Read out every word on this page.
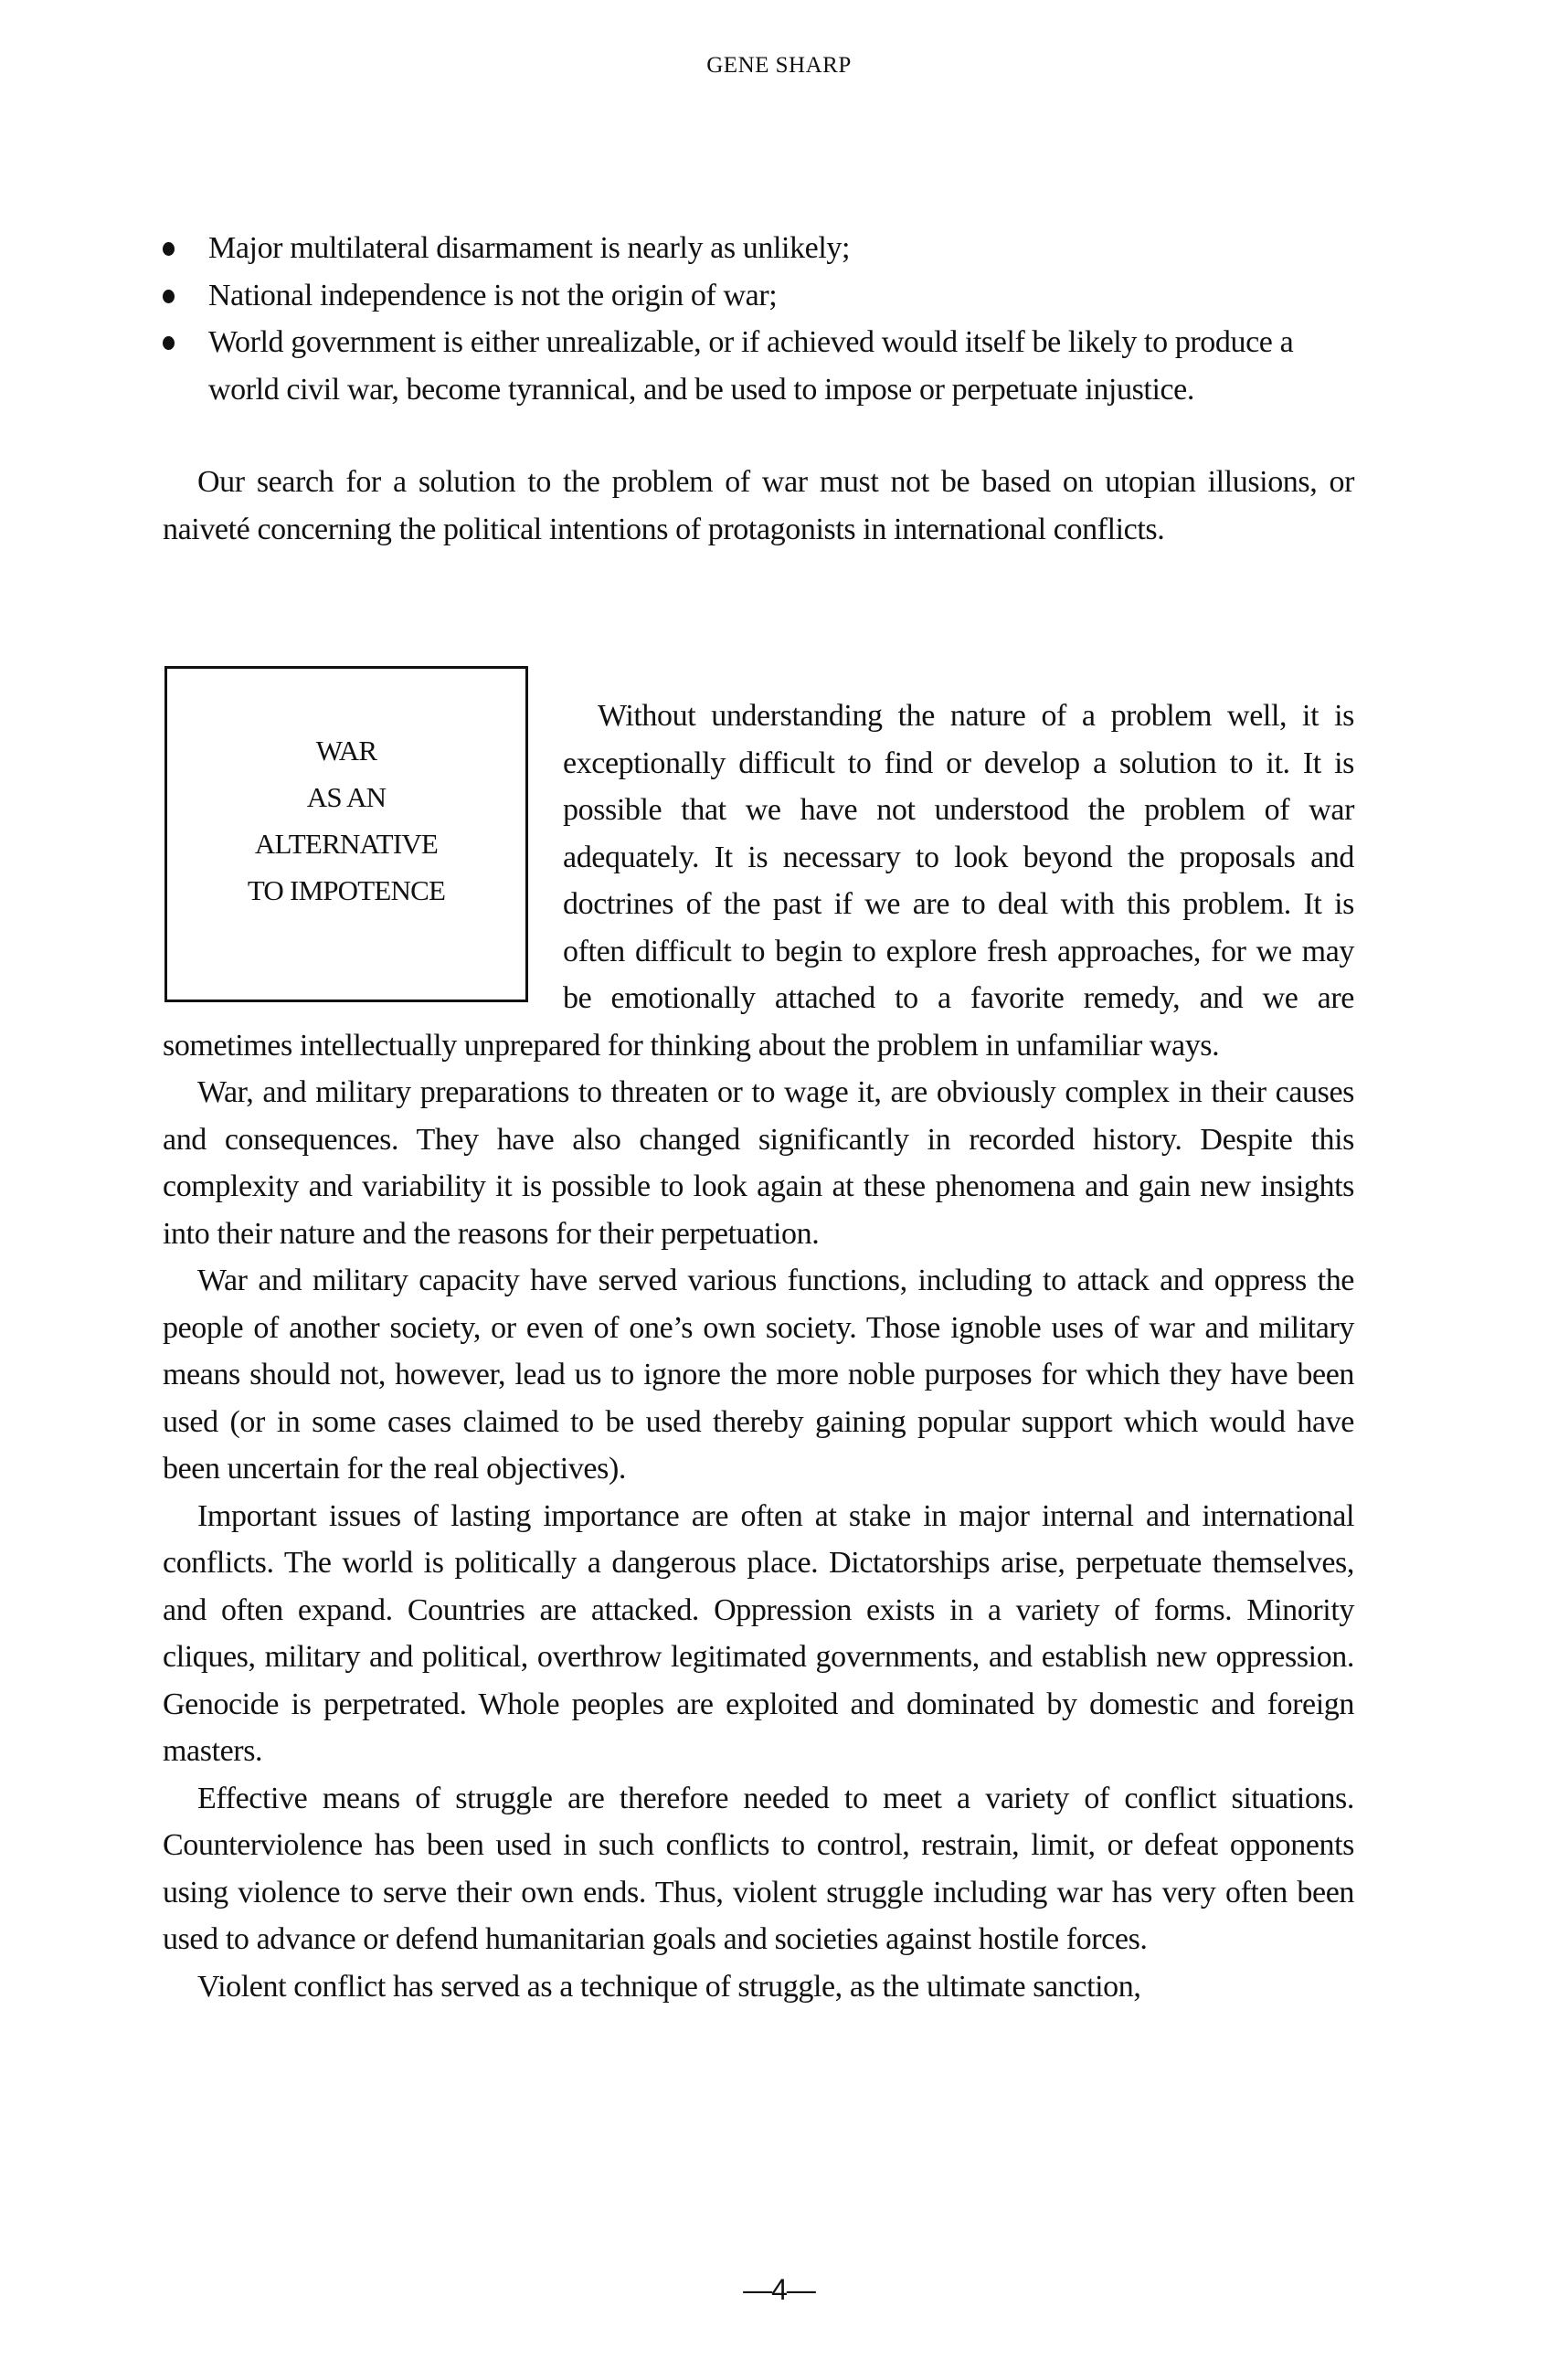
GENE SHARP
Major multilateral disarmament is nearly as unlikely;
National independence is not the origin of war;
World government is either unrealizable, or if achieved would itself be likely to produce a world civil war, become tyrannical, and be used to impose or perpetuate injustice.

Our search for a solution to the problem of war must not be based on utopian illusions, or naiveté concerning the political intentions of protagonists in international conflicts.

WAR
AS AN
ALTERNATIVE
TO IMPOTENCE

Without understanding the nature of a problem well, it is exceptionally difficult to find or develop a solution to it. It is possible that we have not understood the problem of war adequately. It is necessary to look beyond the proposals and doctrines of the past if we are to deal with this problem. It is often difficult to begin to explore fresh approaches, for we may be emotionally attached to a favorite remedy, and we are sometimes intellectually unprepared for thinking about the problem in unfamiliar ways.

War, and military preparations to threaten or to wage it, are obviously complex in their causes and consequences. They have also changed significantly in recorded history. Despite this complexity and variability it is possible to look again at these phenomena and gain new insights into their nature and the reasons for their perpetuation.

War and military capacity have served various functions, including to attack and oppress the people of another society, or even of one’s own society. Those ignoble uses of war and military means should not, however, lead us to ignore the more noble purposes for which they have been used (or in some cases claimed to be used thereby gaining popular support which would have been uncertain for the real objectives).

Important issues of lasting importance are often at stake in major internal and international conflicts. The world is politically a dangerous place. Dictatorships arise, perpetuate themselves, and often expand. Countries are attacked. Oppression exists in a variety of forms. Minority cliques, military and political, overthrow legitimated governments, and establish new oppression. Genocide is perpetrated. Whole peoples are exploited and dominated by domestic and foreign masters.

Effective means of struggle are therefore needed to meet a variety of conflict situations. Counterviolence has been used in such conflicts to control, restrain, limit, or defeat opponents using violence to serve their own ends. Thus, violent struggle including war has very often been used to advance or defend humanitarian goals and societies against hostile forces.

Violent conflict has served as a technique of struggle, as the ultimate sanction,

—4—
